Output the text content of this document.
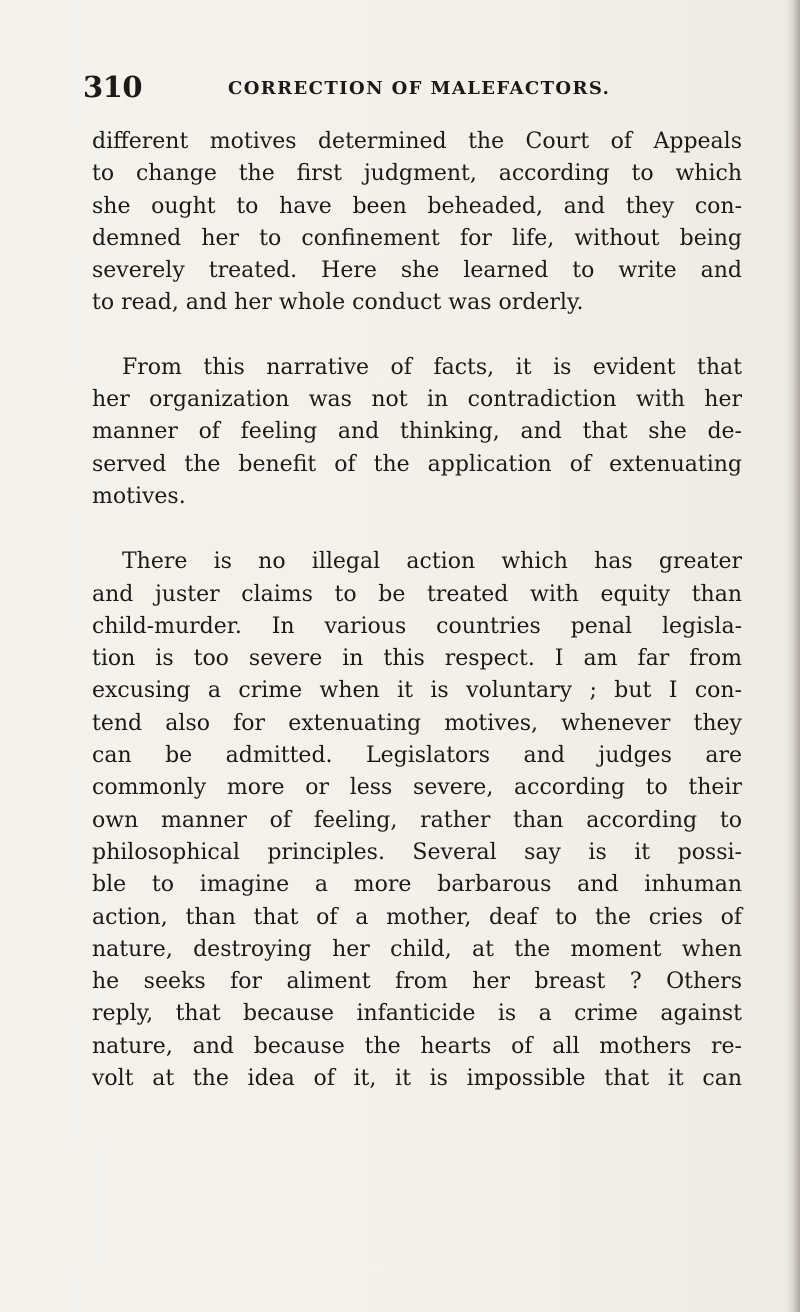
310	CORRECTION OF MALEFACTORS.
different motives determined the Court of Appeals
to change the first judgment, according to which
she ought to have been beheaded, and they con-
demned her to confinement for life, without being
severely treated. Here she learned to write and
to read, and her whole conduct was orderly.
From this narrative of facts, it is evident that
her organization was not in contradiction with her
manner of feeling and thinking, and that she de-
served the benefit of the application of extenuating
motives.
There is no illegal action which has greater
and juster claims to be treated with equity than
child-murder. In various countries penal legisla-
tion is too severe in this respect. I am far from
excusing a crime when it is voluntary ; but I con-
tend also for extenuating motives, whenever they
can be admitted. Legislators and judges are
commonly more or less severe, according to their
own manner of feeling, rather than according to
philosophical principles. Several say is it possi-
ble to imagine a more barbarous and inhuman
action, than that of a mother, deaf to the cries of
nature, destroying her child, at the moment when
he seeks for aliment from her breast ? Others
reply, that because infanticide is a crime against
nature, and because the hearts of all mothers re-
volt at the idea of it, it is impossible that it can
